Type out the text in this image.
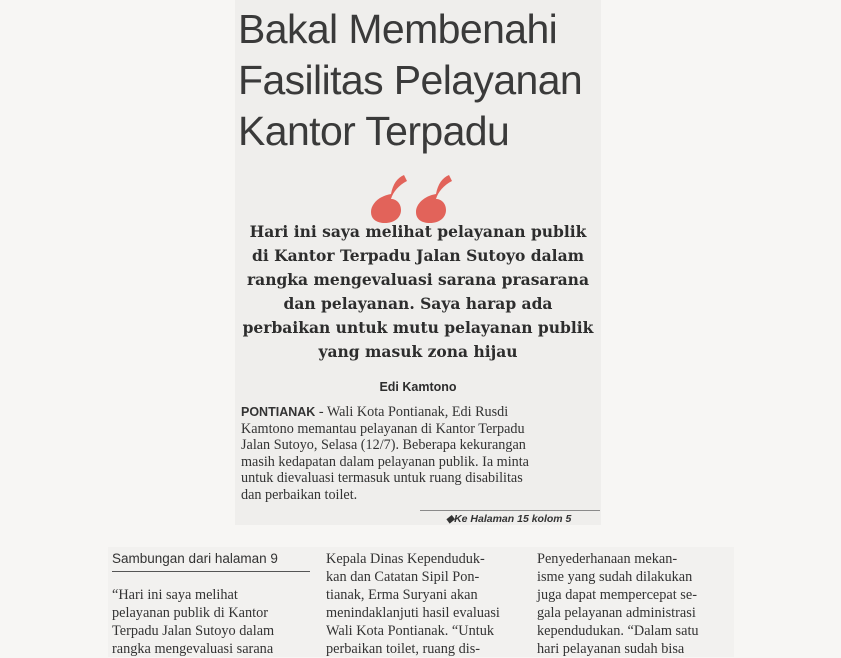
Bakal Membenahi
Fasilitas Pelayanan
Kantor Terpadu
Hari ini saya melihat pelayanan publik
di Kantor Terpadu Jalan Sutoyo dalam
rangka mengevaluasi sarana prasarana
dan pelayanan. Saya harap ada
perbaikan untuk mutu pelayanan publik
yang masuk zona hijau
Edi Kamtono
PONTIANAK - Wali Kota Pontianak, Edi Rusdi
Kamtono memantau pelayanan di Kantor Terpadu
Jalan Sutoyo, Selasa (12/7). Beberapa kekurangan
masih kedapatan dalam pelayanan publik. Ia minta
untuk dievaluasi termasuk untuk ruang disabilitas
dan perbaikan toilet.
◆Ke Halaman 15 kolom 5
Sambungan dari halaman 9
“Hari ini saya melihat
pelayanan publik di Kantor
Terpadu Jalan Sutoyo dalam
rangka mengevaluasi sarana
Kepala Dinas Kependuduk-
kan dan Catatan Sipil Pon-
tianak, Erma Suryani akan
menindaklanjuti hasil evaluasi
Wali Kota Pontianak. “Untuk
perbaikan toilet, ruang dis-
Penyederhanaan mekan-
isme yang sudah dilakukan
juga dapat mempercepat se-
gala pelayanan administrasi
kependudukan. “Dalam satu
hari pelayanan sudah bisa
